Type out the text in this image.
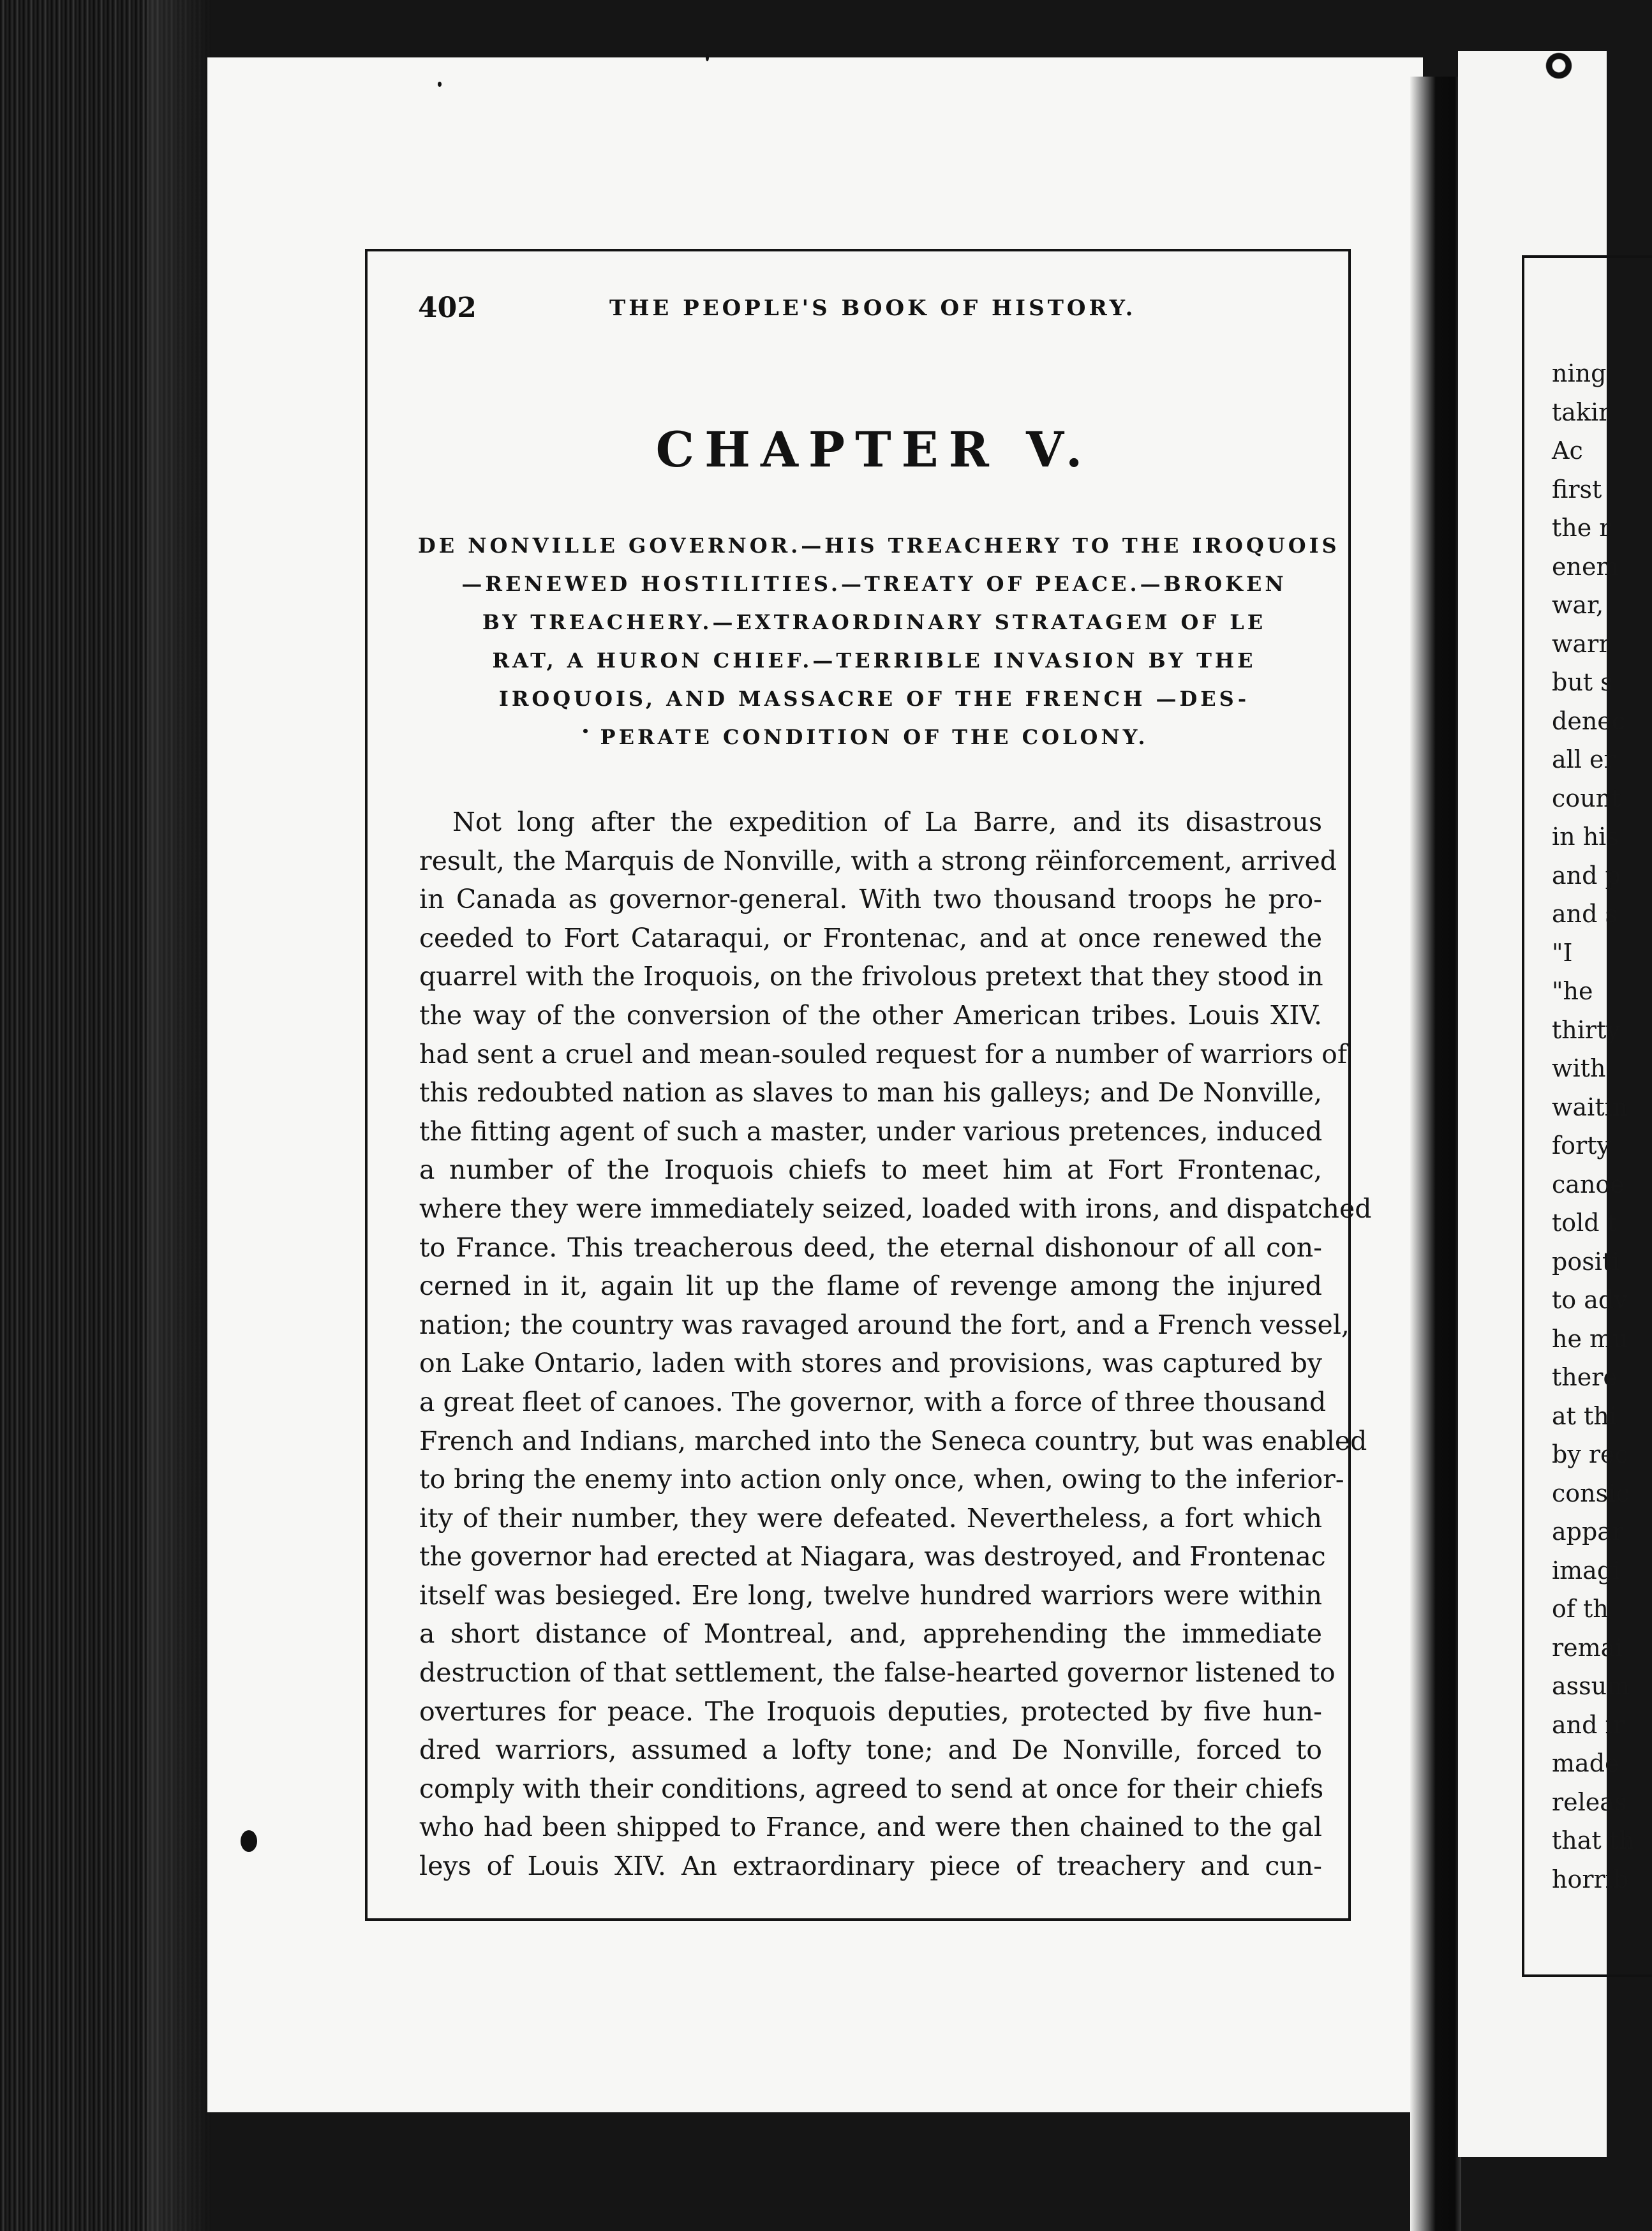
402	THE PEOPLE'S BOOK OF HISTORY.
CHAPTER V.
DE NONVILLE GOVERNOR.—HIS TREACHERY TO THE IROQUOIS
—RENEWED HOSTILITIES.—TREATY OF PEACE.—BROKEN
BY TREACHERY.—EXTRAORDINARY STRATAGEM OF LE
RAT, A HURON CHIEF.—TERRIBLE INVASION BY THE
IROQUOIS, AND MASSACRE OF THE FRENCH —DES-
PERATE CONDITION OF THE COLONY.
Not long after the expedition of La Barre, and its disastrous
result, the Marquis de Nonville, with a strong rëinforcement, arrived
in Canada as governor-general. With two thousand troops he pro-
ceeded to Fort Cataraqui, or Frontenac, and at once renewed the
quarrel with the Iroquois, on the frivolous pretext that they stood in
the way of the conversion of the other American tribes. Louis XIV.
had sent a cruel and mean-souled request for a number of warriors of
this redoubted nation as slaves to man his galleys; and De Nonville,
the fitting agent of such a master, under various pretences, induced
a number of the Iroquois chiefs to meet him at Fort Frontenac,
where they were immediately seized, loaded with irons, and dispatched
to France. This treacherous deed, the eternal dishonour of all con-
cerned in it, again lit up the flame of revenge among the injured
nation; the country was ravaged around the fort, and a French vessel,
on Lake Ontario, laden with stores and provisions, was captured by
a great fleet of canoes. The governor, with a force of three thousand
French and Indians, marched into the Seneca country, but was enabled
to bring the enemy into action only once, when, owing to the inferior-
ity of their number, they were defeated. Nevertheless, a fort which
the governor had erected at Niagara, was destroyed, and Frontenac
itself was besieged. Ere long, twelve hundred warriors were within
a short distance of Montreal, and, apprehending the immediate
destruction of that settlement, the false-hearted governor listened to
overtures for peace. The Iroquois deputies, protected by five hun-
dred warriors, assumed a lofty tone; and De Nonville, forced to
comply with their conditions, agreed to send at once for their chiefs
who had been shipped to France, and were then chained to the gal
leys of Louis XIV. An extraordinary piece of treachery and cun-
ning
takir
Ac
first
the r
enem
war,
warr
but s
denec
all er
count
in his
and p
and s
"I
"he
thirty
with
waitin
forty
canoe
told t
positi
to adv
he mu
there
at thi
by rec
consic
appar
imagi
of th
remai
assum
and ir
made
releas
that th
horrib
